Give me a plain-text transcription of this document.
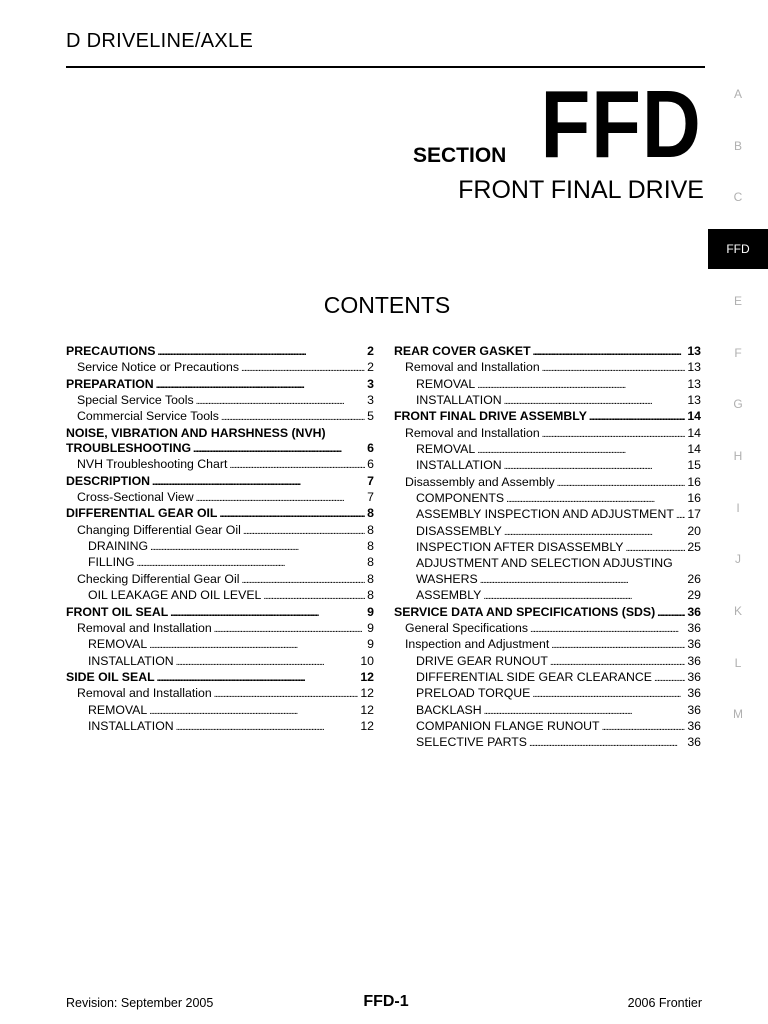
D DRIVELINE/AXLE
SECTION FFD
FRONT FINAL DRIVE
CONTENTS
PRECAUTIONS . . .	2
Service Notice or Precautions . . .	2
PREPARATION . . .	3
Special Service Tools . . .	3
Commercial Service Tools . . .	5
NOISE, VIBRATION AND HARSHNESS (NVH)
TROUBLESHOOTING . . .	6
NVH Troubleshooting Chart . . .	6
DESCRIPTION . . .	7
Cross-Sectional View . . .	7
DIFFERENTIAL GEAR OIL . . .	8
Changing Differential Gear Oil . . .	8
DRAINING . . .	8
FILLING . . .	8
Checking Differential Gear Oil . . .	8
OIL LEAKAGE AND OIL LEVEL . . .	8
FRONT OIL SEAL . . .	9
Removal and Installation . . .	9
REMOVAL . . .	9
INSTALLATION . . .	10
SIDE OIL SEAL . . .	12
Removal and Installation . . .	12
REMOVAL . . .	12
INSTALLATION . . .	12
REAR COVER GASKET . . .	13
Removal and Installation . . .	13
REMOVAL . . .	13
INSTALLATION . . .	13
FRONT FINAL DRIVE ASSEMBLY . . .	14
Removal and Installation . . .	14
REMOVAL . . .	14
INSTALLATION . . .	15
Disassembly and Assembly . . .	16
COMPONENTS . . .	16
ASSEMBLY INSPECTION AND ADJUSTMENT . . . 17
DISASSEMBLY . . .	20
INSPECTION AFTER DISASSEMBLY . . .	25
ADJUSTMENT AND SELECTION ADJUSTING
WASHERS . . .	26
ASSEMBLY . . .	29
SERVICE DATA AND SPECIFICATIONS (SDS) . . .	36
General Specifications . . .	36
Inspection and Adjustment . . .	36
DRIVE GEAR RUNOUT . . .	36
DIFFERENTIAL SIDE GEAR CLEARANCE . . .	36
PRELOAD TORQUE . . .	36
BACKLASH . . .	36
COMPANION FLANGE RUNOUT . . .	36
SELECTIVE PARTS . . .	36
A
B
C
FFD
E
F
G
H
I
J
K
L
M
Revision: September 2005	FFD-1	2006 Frontier
